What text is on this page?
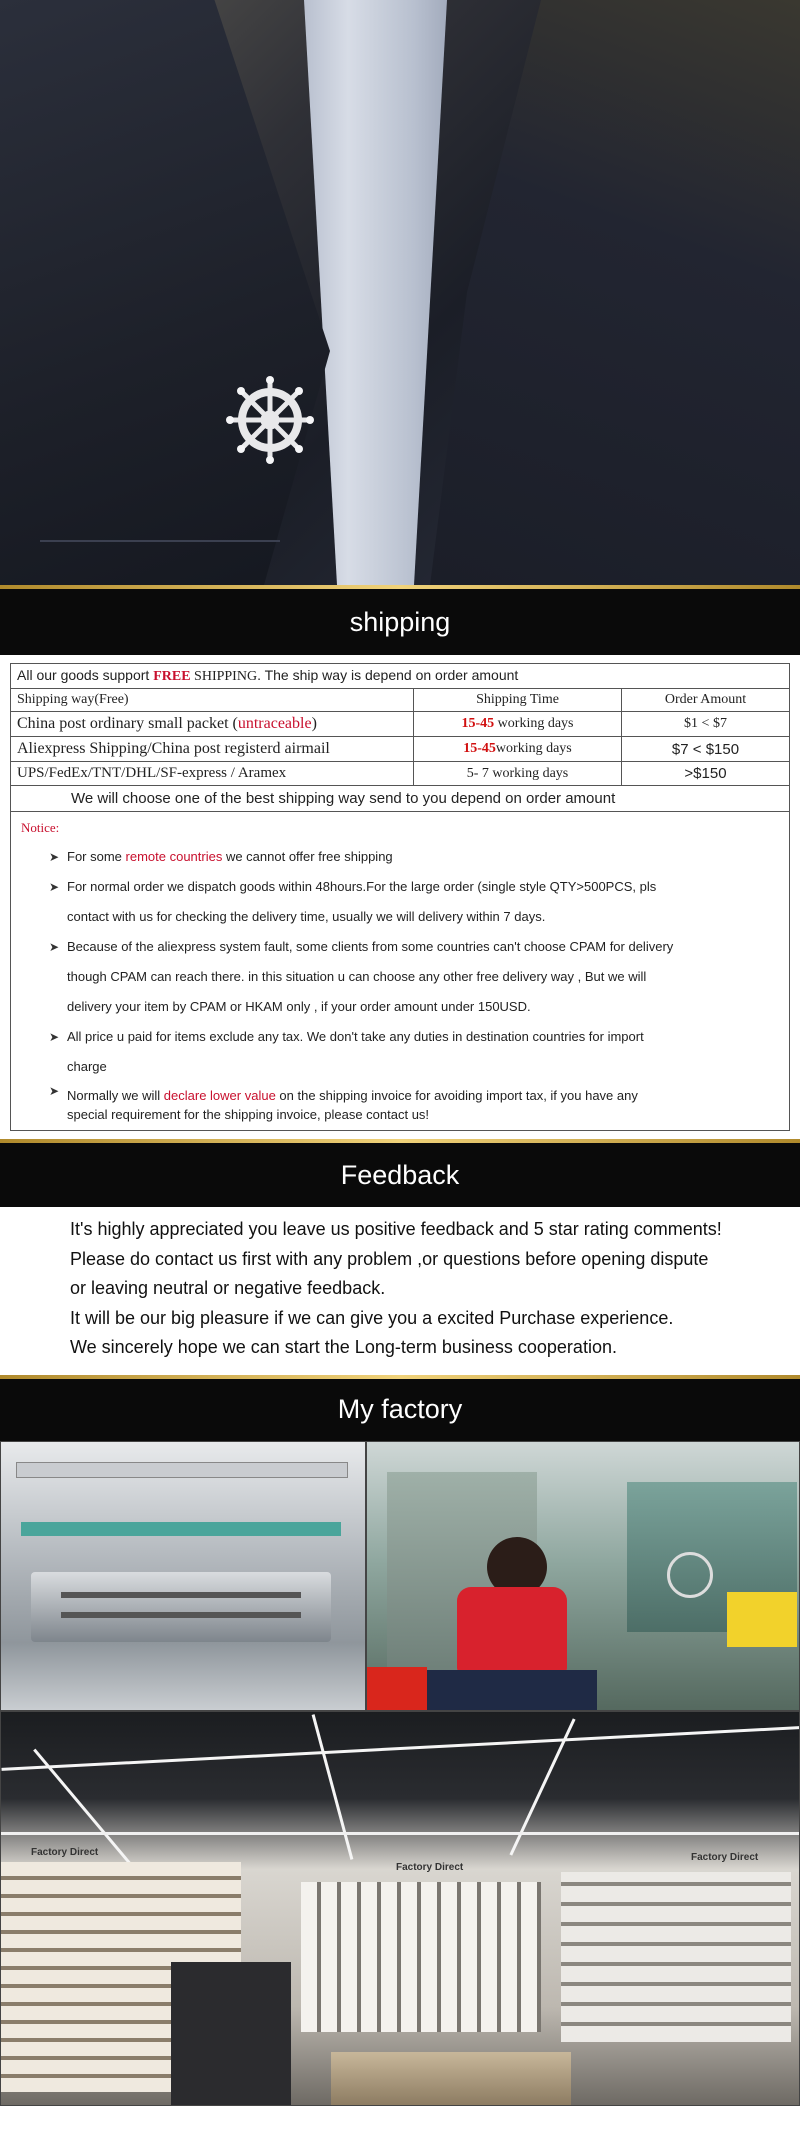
shipping
All our goods support FREE SHIPPING. The ship way is depend on order amount		
Shipping way(Free)	Shipping Time	Order Amount
China post ordinary small packet (untraceable)	15-45 working days	$1 < $7
Aliexpress Shipping/China post registerd airmail	15-45working days	$7 < $150
UPS/FedEx/TNT/DHL/SF-express / Aramex	5- 7 working days	>$150
We will choose one of the best shipping way send to you depend on order amount		
Notice:
➤ For some remote countries we cannot offer free shipping
➤ For normal order we dispatch goods within 48hours.For the large order (single style QTY>500PCS, pls
contact with us for checking the delivery time, usually we will delivery within 7 days.
➤ Because of the aliexpress system fault, some clients from some countries can't choose CPAM for delivery
though CPAM can reach there. in this situation u can choose any other free delivery way , But we will
delivery your item by CPAM or HKAM only , if your order amount under 150USD.
➤ All price u paid for items exclude any tax. We don't take any duties in destination countries for import
charge
➤ Normally we will declare lower value on the shipping invoice for avoiding import tax, if you have any
special requirement for the shipping invoice, please contact us!
Feedback
It's highly appreciated you leave us positive feedback and 5 star rating comments!
Please do contact us first with any problem ,or questions before opening dispute
or leaving neutral or negative feedback.
It will be our big pleasure if we can give you a excited Purchase experience.
We sincerely hope we can start the Long-term business cooperation.
My factory
Factory Direct
Factory Direct
Factory Direct
